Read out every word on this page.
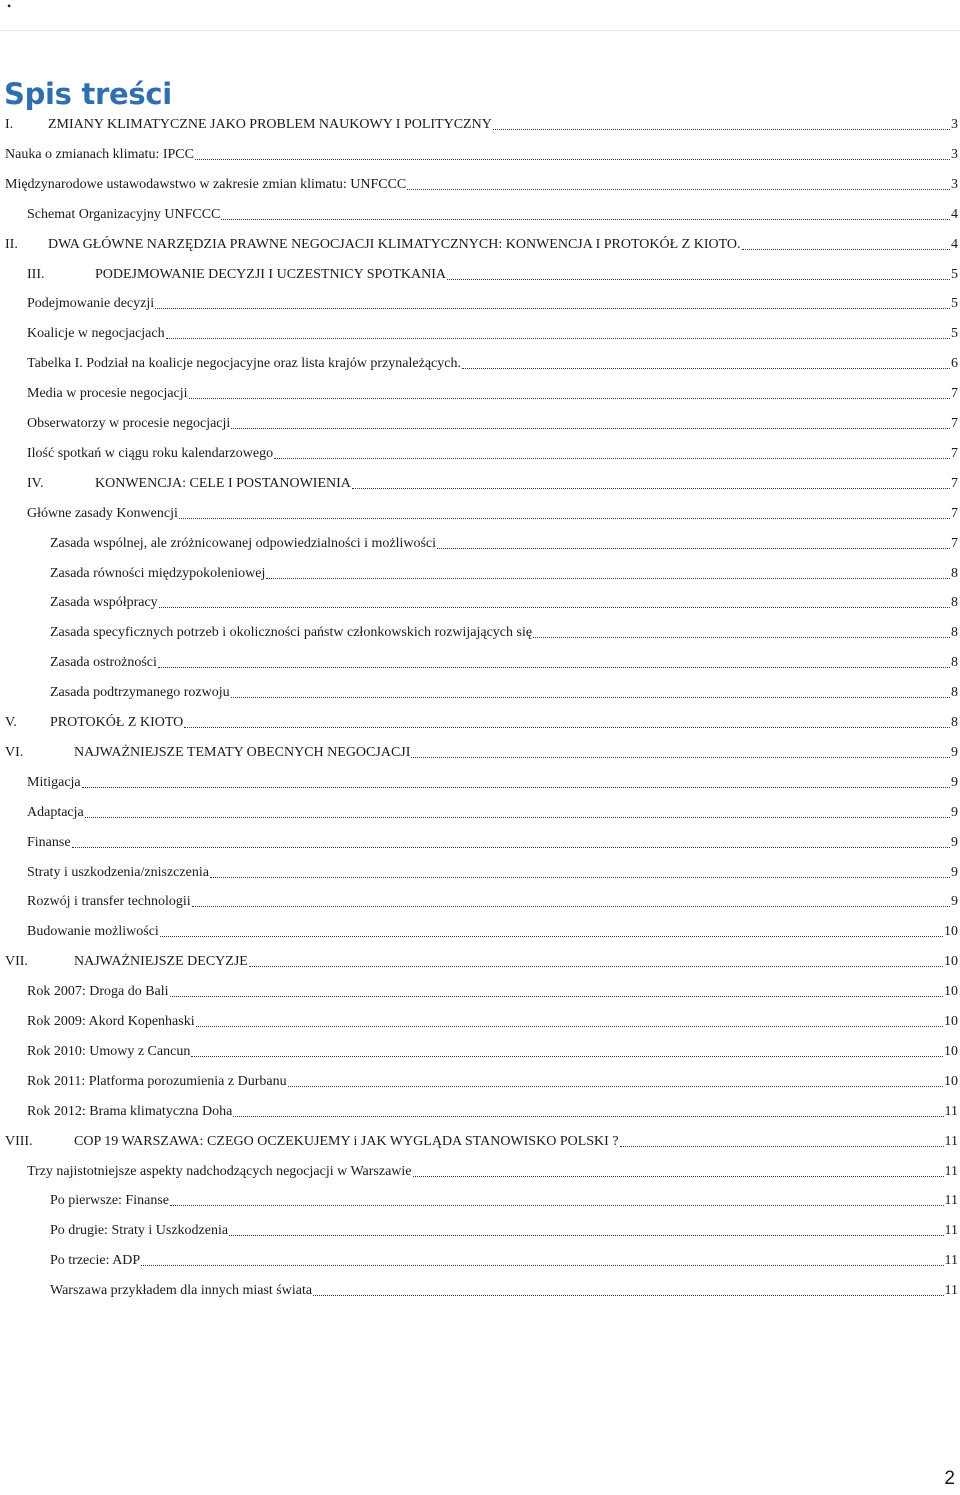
•
Spis treści
I.	ZMIANY KLIMATYCZNE JAKO PROBLEM NAUKOWY I POLITYCZNY	3
Nauka o zmianach klimatu: IPCC	3
Międzynarodowe ustawodawstwo w zakresie zmian klimatu: UNFCCC	3
Schemat Organizacyjny UNFCCC	4
II.	DWA GŁÓWNE NARZĘDZIA PRAWNE NEGOCJACJI KLIMATYCZNYCH: KONWENCJA I PROTOKÓŁ Z KIOTO.	4
III.	PODEJMOWANIE DECYZJI I UCZESTNICY SPOTKANIA	5
Podejmowanie decyzji	5
Koalicje w negocjacjach	5
Tabelka I. Podział na koalicje negocjacyjne oraz lista krajów przynależących.	6
Media w procesie negocjacji	7
Obserwatorzy w procesie negocjacji	7
Ilość spotkań w ciągu roku kalendarzowego	7
IV.	KONWENCJA: CELE I POSTANOWIENIA	7
Główne zasady Konwencji	7
Zasada wspólnej, ale zróżnicowanej odpowiedzialności i możliwości	7
Zasada równości międzypokoleniowej	8
Zasada współpracy	8
Zasada specyficznych potrzeb i okoliczności państw członkowskich rozwijających się	8
Zasada ostrożności	8
Zasada podtrzymanego rozwoju	8
V.	PROTOKÓŁ Z KIOTO	8
VI.	NAJWAŻNIEJSZE TEMATY OBECNYCH NEGOCJACJI	9
Mitigacja	9
Adaptacja	9
Finanse	9
Straty i uszkodzenia/zniszczenia	9
Rozwój i transfer technologii	9
Budowanie możliwości	10
VII.	NAJWAŻNIEJSZE DECYZJE	10
Rok 2007: Droga do Bali	10
Rok 2009: Akord Kopenhaski	10
Rok 2010: Umowy z Cancun	10
Rok 2011: Platforma porozumienia z Durbanu	10
Rok 2012: Brama klimatyczna Doha	11
VIII.	COP 19 WARSZAWA: CZEGO OCZEKUJEMY i JAK WYGLĄDA STANOWISKO POLSKI ?	11
Trzy najistotniejsze aspekty nadchodzących negocjacji w Warszawie	11
Po pierwsze: Finanse	11
Po drugie: Straty i Uszkodzenia	11
Po trzecie: ADP	11
Warszawa przykładem dla innych miast świata	11
2
